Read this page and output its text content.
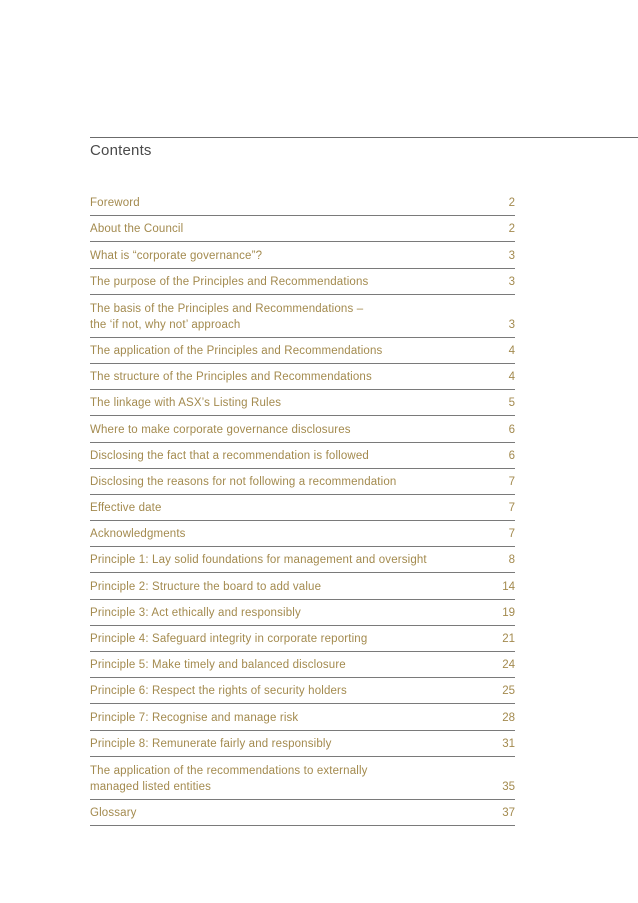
Contents
Foreword	2
About the Council	2
What is “corporate governance”?	3
The purpose of the Principles and Recommendations	3
The basis of the Principles and Recommendations –
the ‘if not, why not’ approach	3
The application of the Principles and Recommendations	4
The structure of the Principles and Recommendations	4
The linkage with ASX’s Listing Rules	5
Where to make corporate governance disclosures	6
Disclosing the fact that a recommendation is followed	6
Disclosing the reasons for not following a recommendation	7
Effective date	7
Acknowledgments	7
Principle 1: Lay solid foundations for management and oversight	8
Principle 2: Structure the board to add value	14
Principle 3: Act ethically and responsibly	19
Principle 4: Safeguard integrity in corporate reporting	21
Principle 5: Make timely and balanced disclosure	24
Principle 6: Respect the rights of security holders	25
Principle 7: Recognise and manage risk	28
Principle 8: Remunerate fairly and responsibly	31
The application of the recommendations to externally
managed listed entities	35
Glossary	37
